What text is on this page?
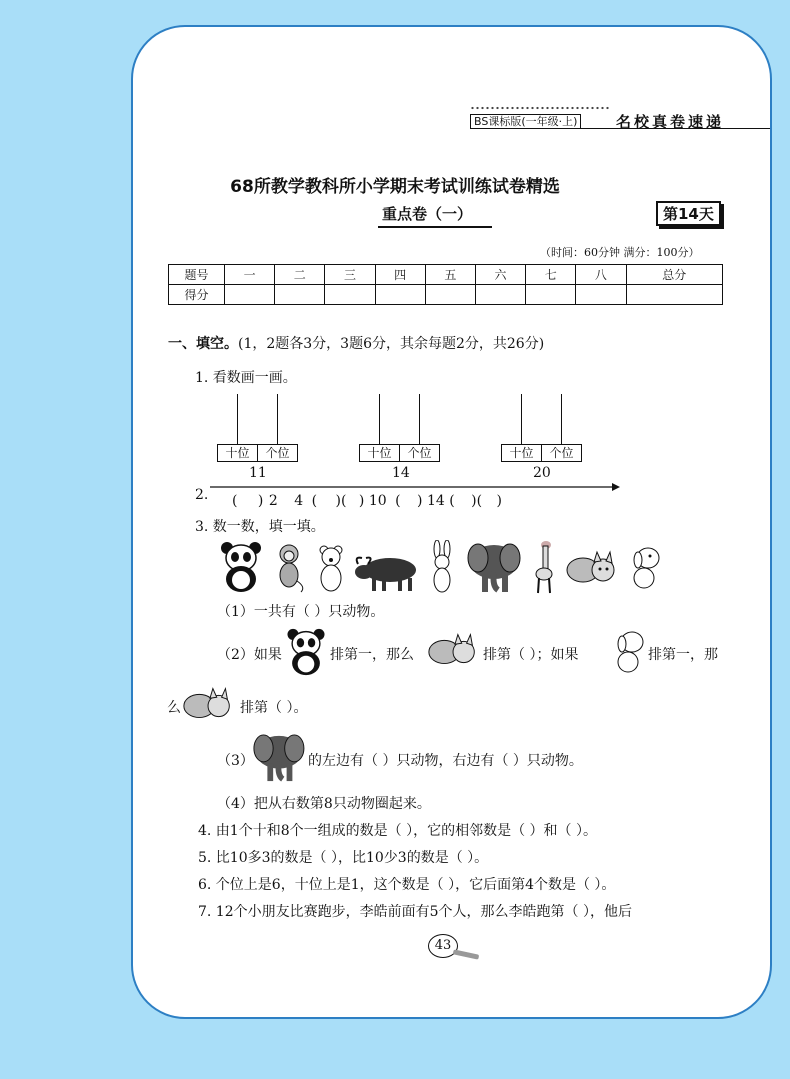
BS课标版(一年级·上)	名校真卷速递
68所教学教科所小学期末考试训练试卷精选
重点卷（一）	第14天
（时间：60分钟 满分：100分）
题号	一	二	三	四	五	六	七	八	总分
得分									
一、填空。(1，2题各3分，3题6分，其余每题2分，共26分)
1. 看数画一画。
十位	个位
11
十位	个位
14
十位	个位
20
2. ( ) 2 4 ( )( ) 10 ( ) 14 ( )( )
3. 数一数，填一填。
（1）一共有（ ）只动物。
（2）如果	排第一，那么	排第（ ）；如果	排第一，那
么	排第（ ）。
（3）	的左边有（ ）只动物，右边有（ ）只动物。
（4）把从右数第8只动物圈起来。
4. 由1个十和8个一组成的数是（ ），它的相邻数是（ ）和（ ）。
5. 比10多3的数是（ ），比10少3的数是（ ）。
6. 个位上是6，十位上是1，这个数是（ ），它后面第4个数是（ ）。
7. 12个小朋友比赛跑步，李皓前面有5个人，那么李皓跑第（ ），他后
43
